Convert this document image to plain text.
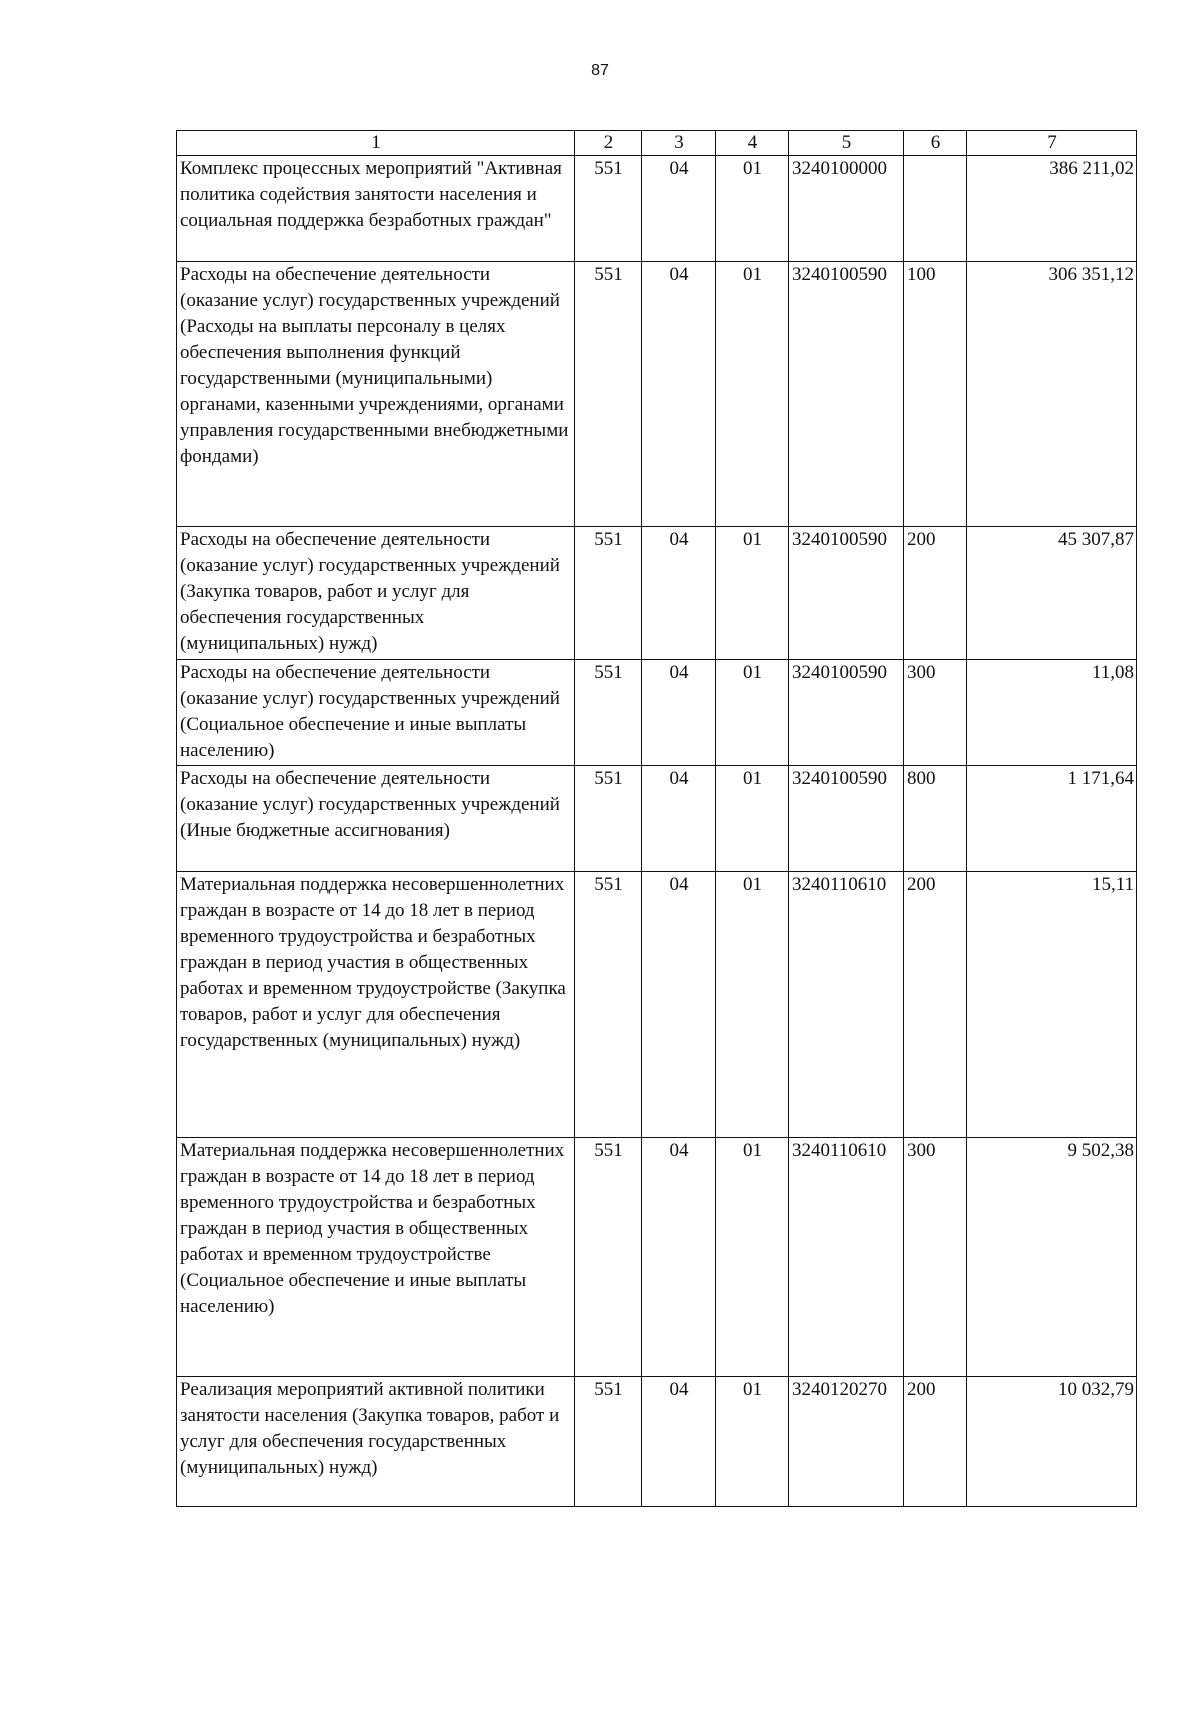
87
1	2	3	4	5	6	7
Комплекс процессных мероприятий "Активная политика содействия занятости населения и социальная поддержка безработных граждан"	551	04	01	3240100000		386 211,02
Расходы на обеспечение деятельности (оказание услуг) государственных учреждений (Расходы на выплаты персоналу в целях обеспечения выполнения функций государственными (муниципальными) органами, казенными учреждениями, органами управления государственными внебюджетными фондами)	551	04	01	3240100590	100	306 351,12
Расходы на обеспечение деятельности (оказание услуг) государственных учреждений (Закупка товаров, работ и услуг для обеспечения государственных (муниципальных) нужд)	551	04	01	3240100590	200	45 307,87
Расходы на обеспечение деятельности (оказание услуг) государственных учреждений (Социальное обеспечение и иные выплаты населению)	551	04	01	3240100590	300	11,08
Расходы на обеспечение деятельности (оказание услуг) государственных учреждений (Иные бюджетные ассигнования)	551	04	01	3240100590	800	1 171,64
Материальная поддержка несовершеннолетних граждан в возрасте от 14 до 18 лет в период временного трудоустройства и безработных граждан в период участия в общественных работах и временном трудоустройстве (Закупка товаров, работ и услуг для обеспечения государственных (муниципальных) нужд)	551	04	01	3240110610	200	15,11
Материальная поддержка несовершеннолетних граждан в возрасте от 14 до 18 лет в период временного трудоустройства и безработных граждан в период участия в общественных работах и временном трудоустройстве (Социальное обеспечение и иные выплаты населению)	551	04	01	3240110610	300	9 502,38
Реализация мероприятий активной политики занятости населения (Закупка товаров, работ и услуг для обеспечения государственных (муниципальных) нужд)	551	04	01	3240120270	200	10 032,79
